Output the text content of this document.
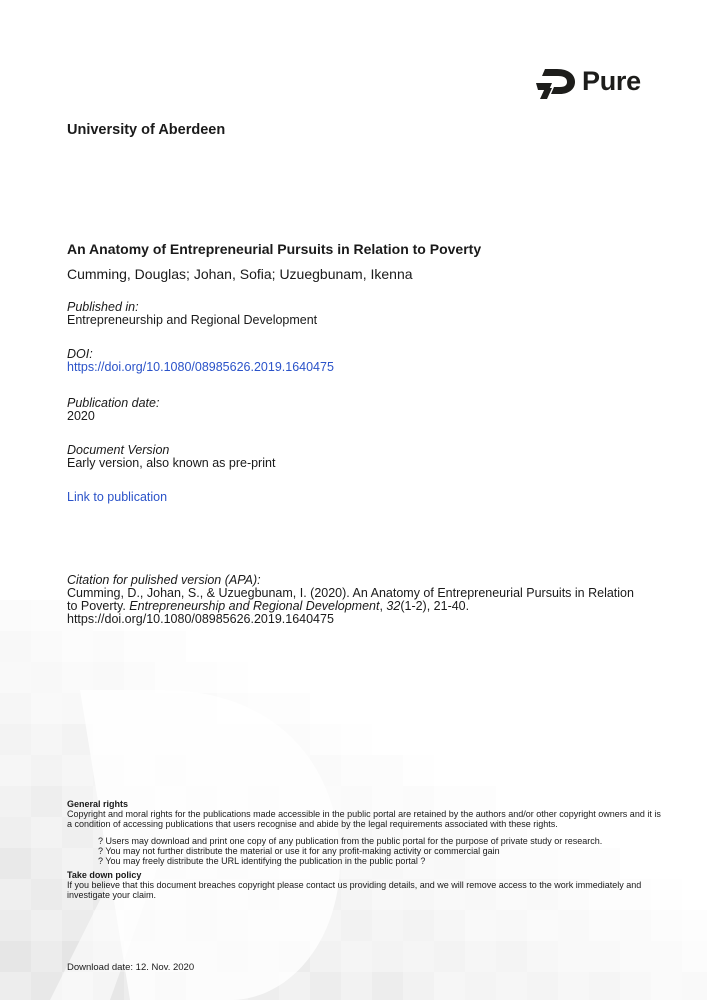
Pure
University of Aberdeen
An Anatomy of Entrepreneurial Pursuits in Relation to Poverty
Cumming, Douglas; Johan, Sofia; Uzuegbunam, Ikenna
Published in:
Entrepreneurship and Regional Development
DOI:
https://doi.org/10.1080/08985626.2019.1640475
Publication date:
2020
Document Version
Early version, also known as pre-print
Link to publication
Citation for pulished version (APA):
Cumming, D., Johan, S., & Uzuegbunam, I. (2020). An Anatomy of Entrepreneurial Pursuits in Relation to Poverty. Entrepreneurship and Regional Development, 32(1-2), 21-40.
https://doi.org/10.1080/08985626.2019.1640475
General rights
Copyright and moral rights for the publications made accessible in the public portal are retained by the authors and/or other copyright owners and it is a condition of accessing publications that users recognise and abide by the legal requirements associated with these rights.
? Users may download and print one copy of any publication from the public portal for the purpose of private study or research.
? You may not further distribute the material or use it for any profit-making activity or commercial gain
? You may freely distribute the URL identifying the publication in the public portal ?
Take down policy
If you believe that this document breaches copyright please contact us providing details, and we will remove access to the work immediately and investigate your claim.
Download date: 12. Nov. 2020
